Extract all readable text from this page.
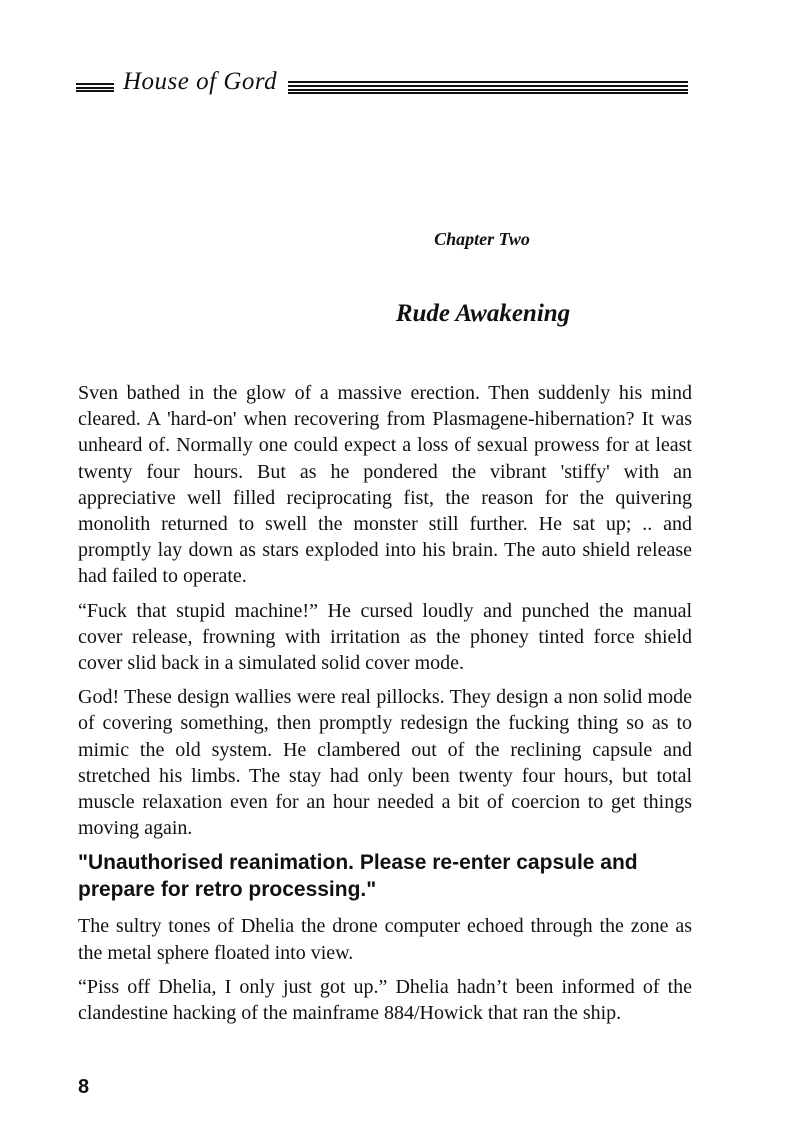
House of Gord
Chapter Two
Rude Awakening

Sven bathed in the glow of a massive erection. Then suddenly his mind cleared. A 'hard-on' when recovering from Plasmagene-hibernation? It was unheard of. Normally one could expect a loss of sexual prowess for at least twenty four hours. But as he pondered the vibrant 'stiffy' with an appreciative well filled reciprocating fist, the reason for the quivering monolith returned to swell the monster still further. He sat up; .. and promptly lay down as stars exploded into his brain. The auto shield release had failed to operate.

“Fuck that stupid machine!” He cursed loudly and punched the manual cover release, frowning with irritation as the phoney tinted force shield cover slid back in a simulated solid cover mode.

God! These design wallies were real pillocks. They design a non solid mode of covering something, then promptly redesign the fucking thing so as to mimic the old system. He clambered out of the reclining capsule and stretched his limbs. The stay had only been twenty four hours, but total muscle relaxation even for an hour needed a bit of coercion to get things moving again.

"Unauthorised reanimation. Please re-enter capsule and prepare for retro processing."

The sultry tones of Dhelia the drone computer echoed through the zone as the metal sphere floated into view.

“Piss off Dhelia, I only just got up.” Dhelia hadn’t been informed of the clandestine hacking of the mainframe 884/Howick that ran the ship.

8
